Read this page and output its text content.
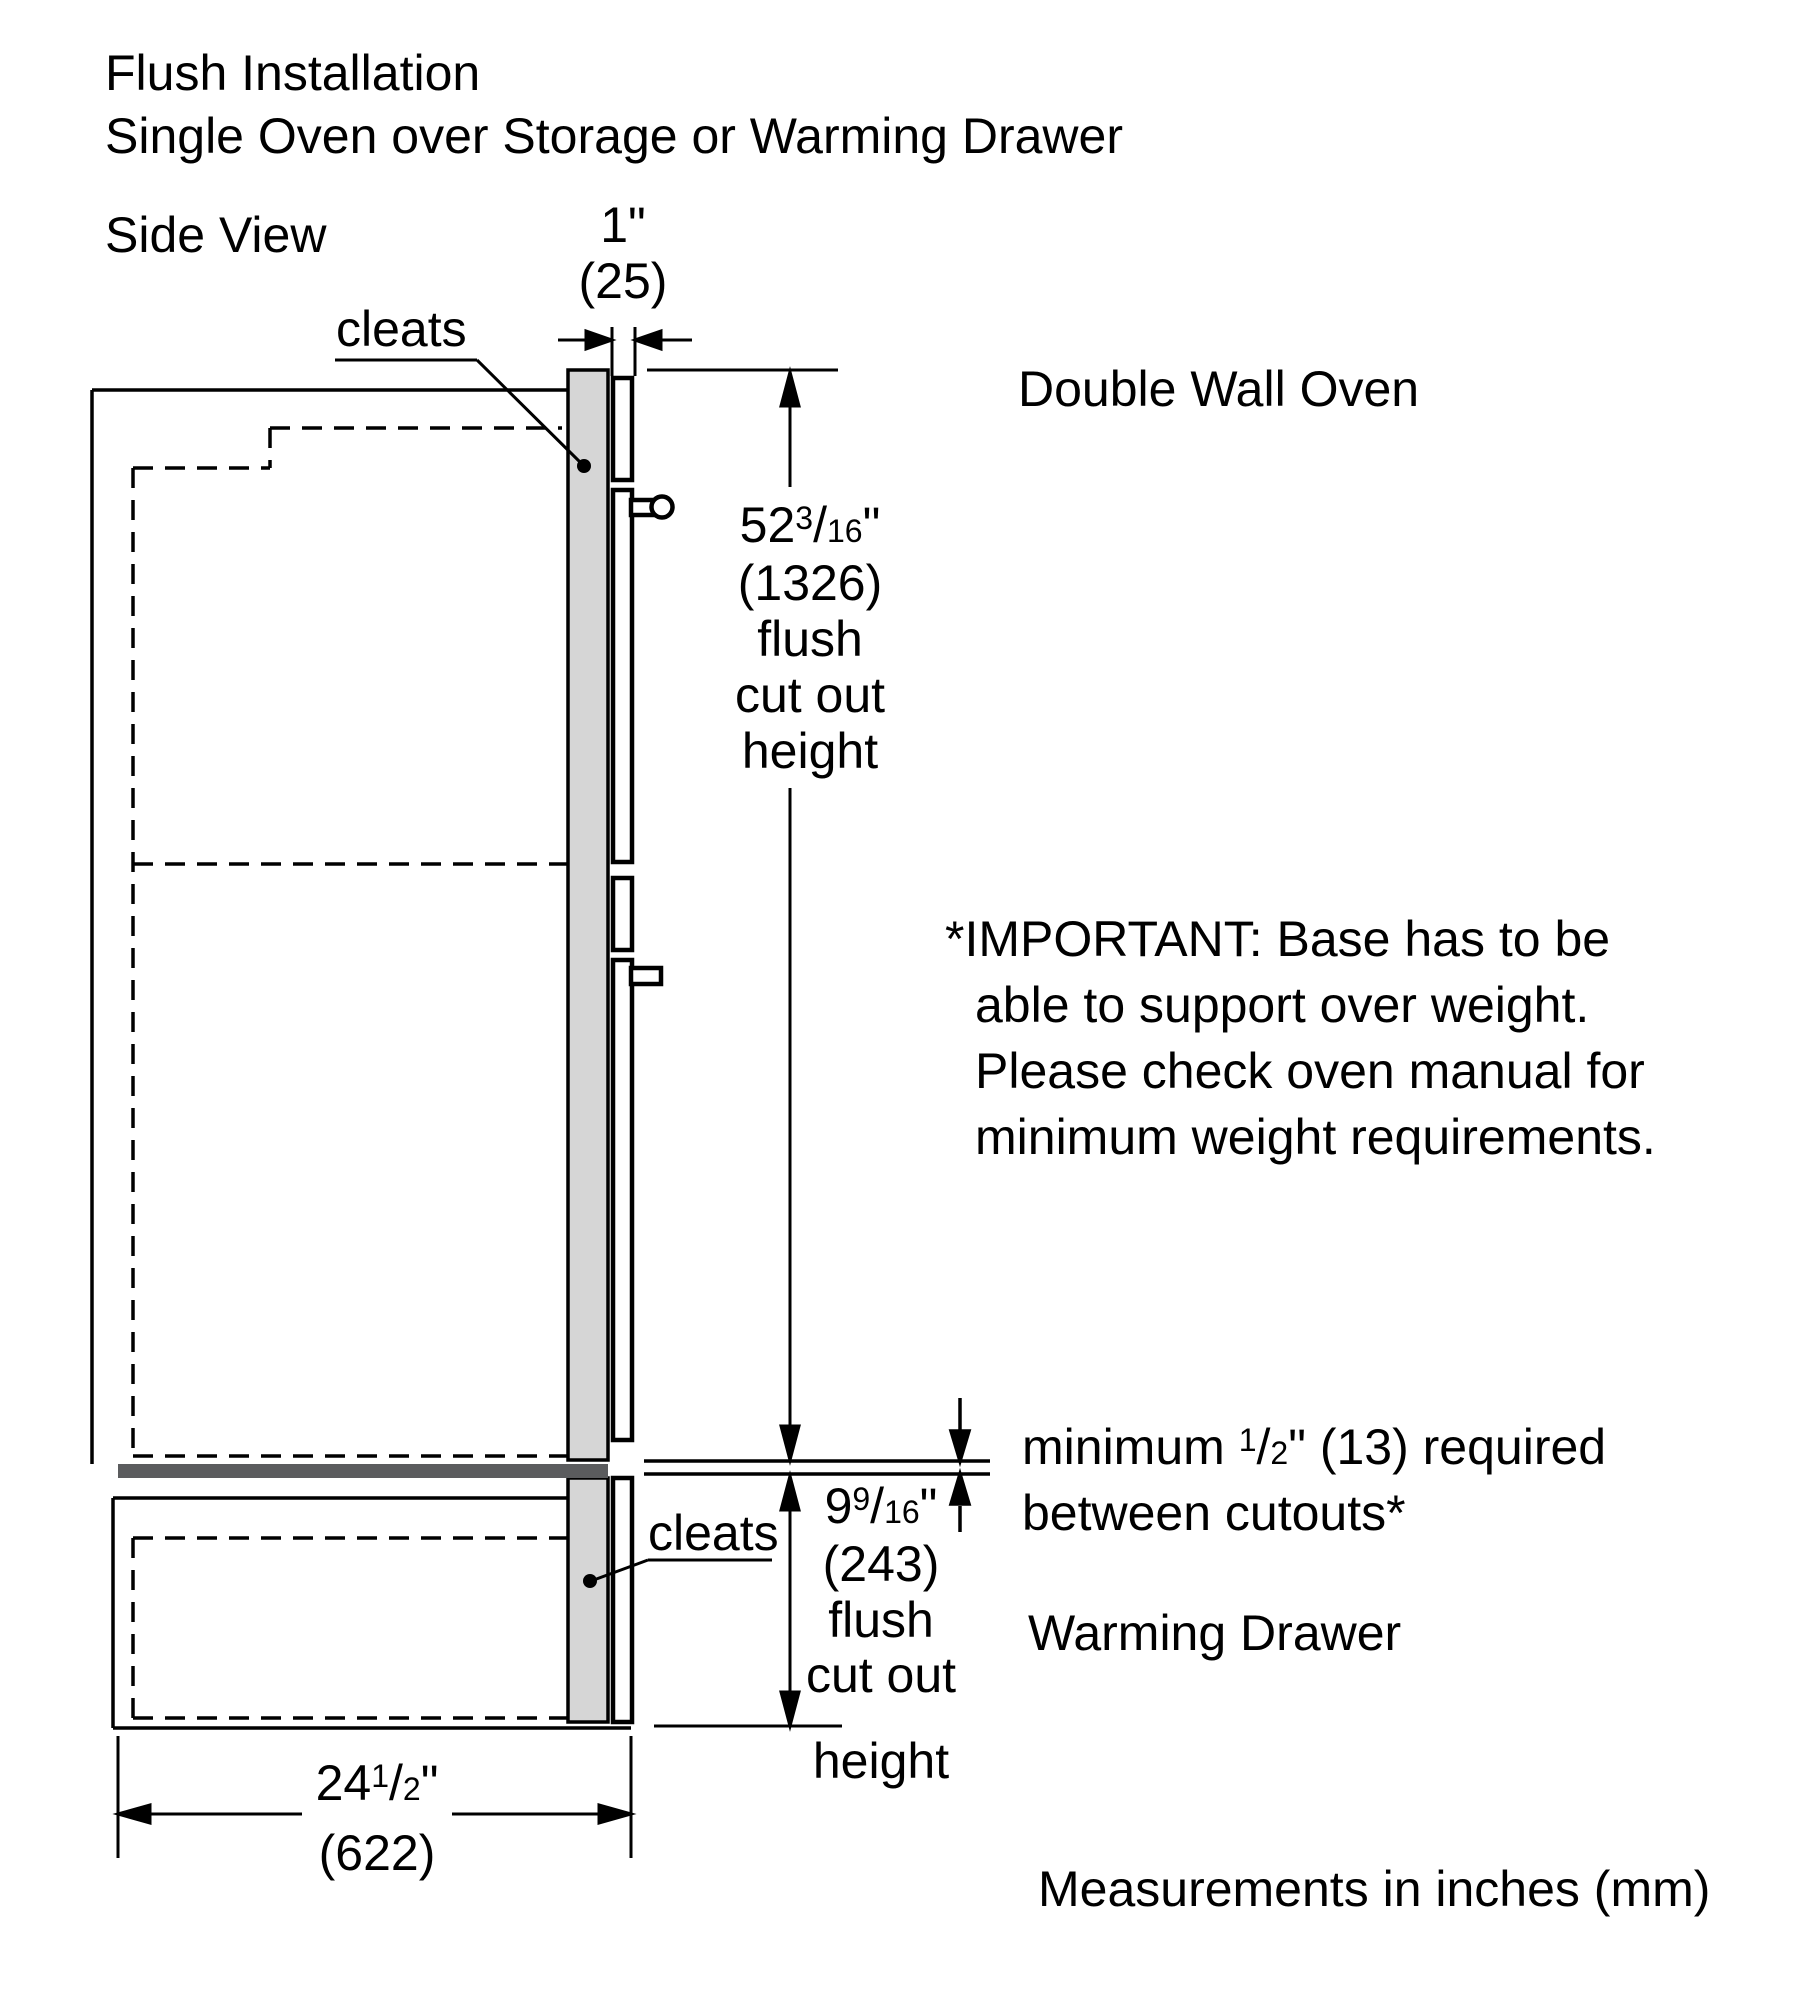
Flush Installation
Single Oven over Storage or Warming Drawer
Side View	1"
(25)
cleats
Double Wall Oven
$52^3/16$"
(1326)
flush
cut out
height
*IMPORTANT: Base has to be
able to support over weight.
Please check oven manual for
minimum weight requirements.
minimum $^1$/2" (13) required
between cutouts*
$9^9/16$"
(243)
flush
cut out
height
cleats
Warming Drawer
$24^1/2$"
(622)
Measurements in inches (mm)
